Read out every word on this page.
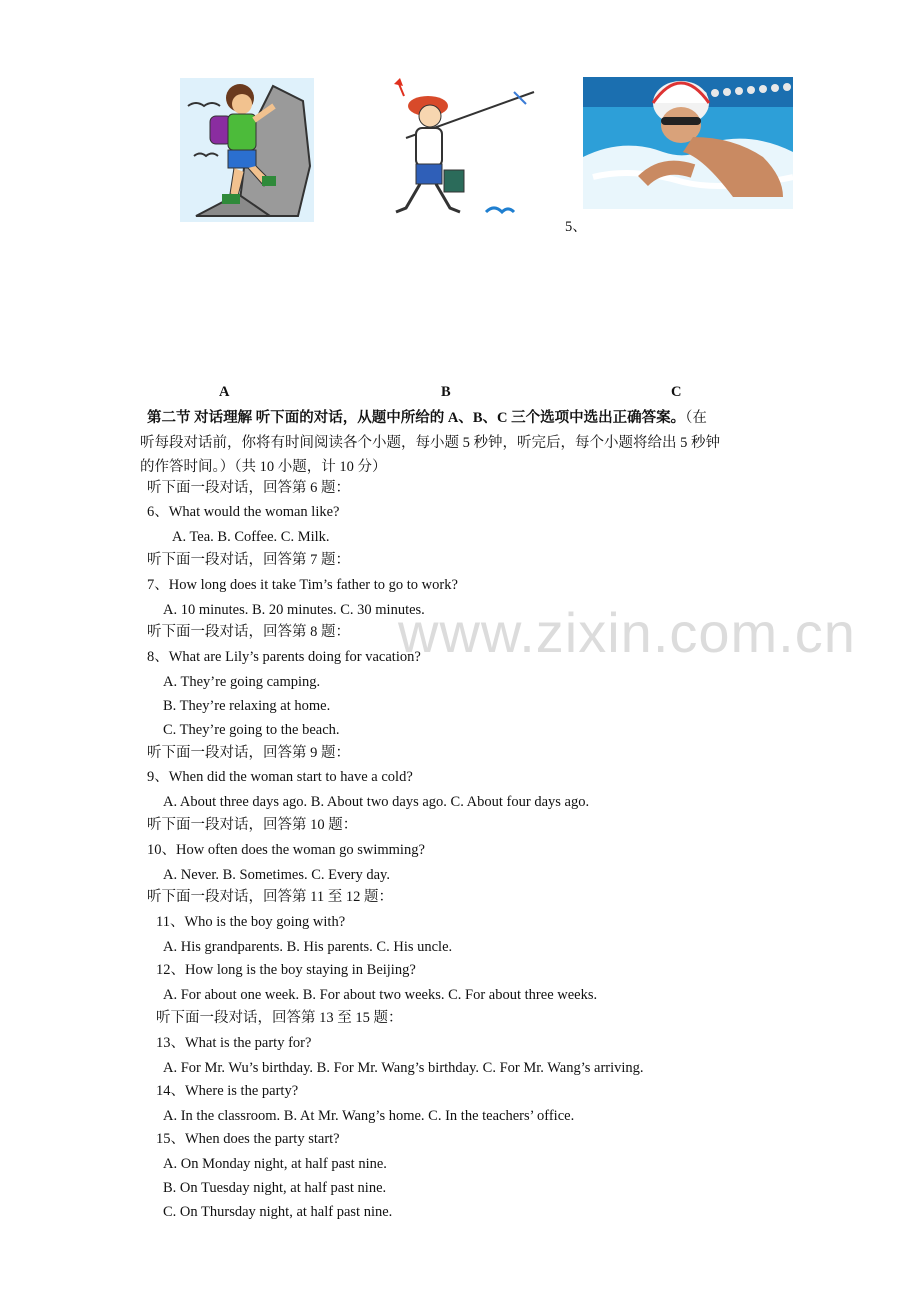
5、
A	B	C
第二节 对话理解 听下面的对话，从题中所给的 A、B、C 三个选项中选出正确答案。（在
听每段对话前，你将有时间阅读各个小题，每小题 5 秒钟，听完后，每个小题将给出 5 秒钟
的作答时间。）（共 10 小题，计 10 分）
www.zixin.com.cn
听下面一段对话，回答第 6 题：
6、What would the woman like?
A. Tea. B. Coffee. C. Milk.
听下面一段对话，回答第 7 题：
7、How long does it take Tim’s father to go to work?
A. 10 minutes. B. 20 minutes. C. 30 minutes.
听下面一段对话，回答第 8 题：
8、What are Lily’s parents doing for vacation?
A. They’re going camping.
B. They’re relaxing at home.
C. They’re going to the beach.
听下面一段对话，回答第 9 题：
9、When did the woman start to have a cold?
A. About three days ago. B. About two days ago. C. About four days ago.
听下面一段对话，回答第 10 题：
10、How often does the woman go swimming?
A. Never. B. Sometimes. C. Every day.
听下面一段对话，回答第 11 至 12 题：
11、Who is the boy going with?
A. His grandparents. B. His parents. C. His uncle.
12、How long is the boy staying in Beijing?
A. For about one week. B. For about two weeks. C. For about three weeks.
听下面一段对话，回答第 13 至 15 题：
13、What is the party for?
A. For Mr. Wu’s birthday. B. For Mr. Wang’s birthday. C. For Mr. Wang’s arriving.
14、Where is the party?
A. In the classroom. B. At Mr. Wang’s home. C. In the teachers’ office.
15、When does the party start?
A. On Monday night, at half past nine.
B. On Tuesday night, at half past nine.
C. On Thursday night, at half past nine.
